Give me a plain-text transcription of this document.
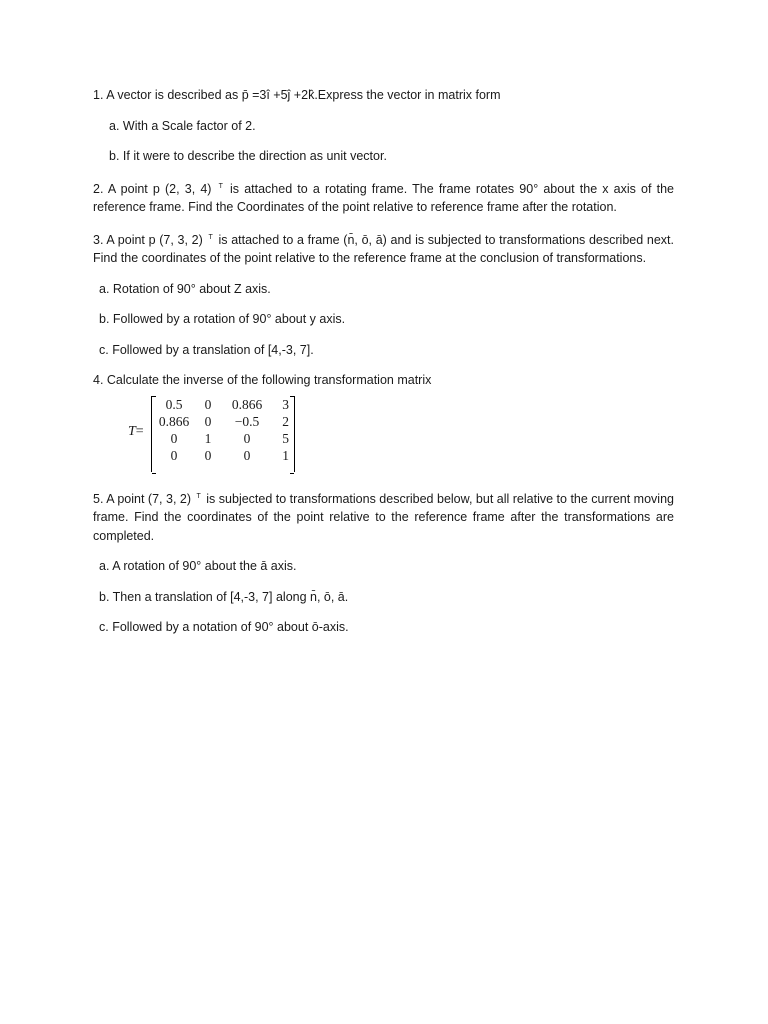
1. A vector is described as p̄ =3î +5ĵ +2k̂.Express the vector in matrix form

a. With a Scale factor of 2.

b. If it were to describe the direction as unit vector.

2. A point p (2, 3, 4) $^T$ is attached to a rotating frame. The frame rotates 90° about the x axis of the reference frame. Find the Coordinates of the point relative to reference frame after the rotation.

3. A point p (7, 3, 2) $^T$ is attached to a frame (n̄, ō, ā) and is subjected to transformations described next. Find the coordinates of the point relative to the reference frame at the conclusion of transformations.

a. Rotation of 90° about Z axis.

b. Followed by a rotation of 90° about y axis.

c. Followed by a translation of [4,-3, 7].

4. Calculate the inverse of the following transformation matrix

T=
0.5	0	0.866	3
0.866	0	−0.5	2
0	1	0	5
0	0	0	1

5. A point (7, 3, 2) $^T$ is subjected to transformations described below, but all relative to the current moving frame. Find the coordinates of the point relative to the reference frame after the transformations are completed.

a. A rotation of 90° about the ā axis.

b. Then a translation of [4,-3, 7] along n̄, ō, ā.

c. Followed by a notation of 90° about ō-axis.
